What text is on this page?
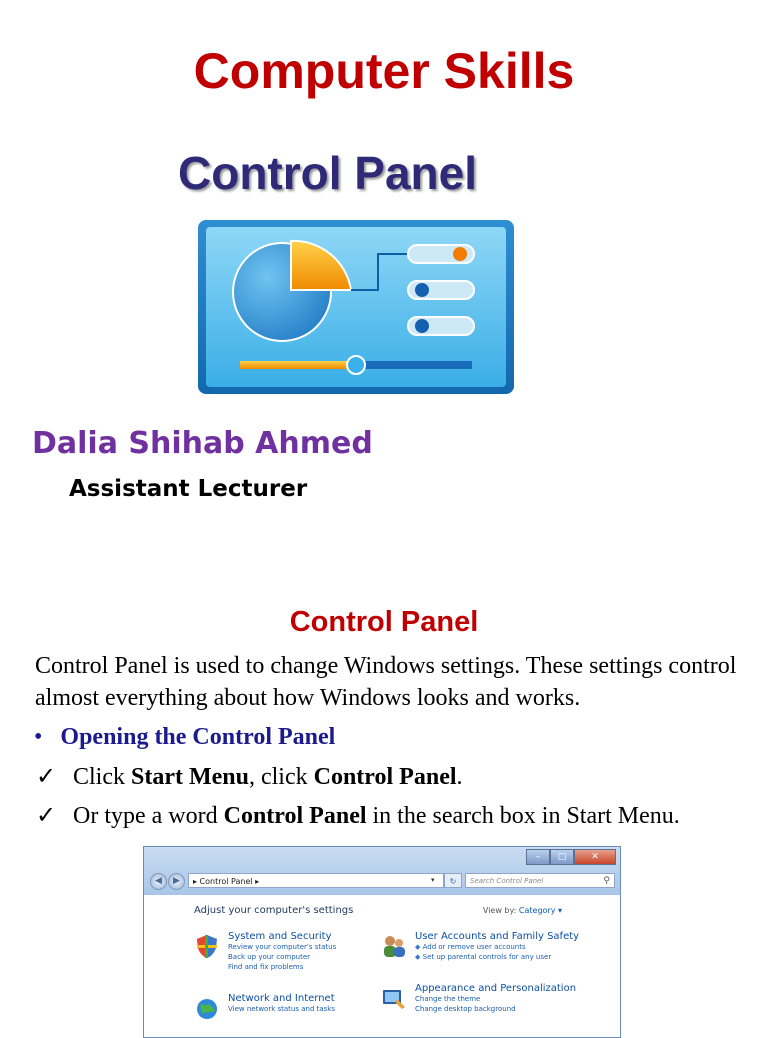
Computer Skills
Control Panel
Dalia Shihab Ahmed
Assistant Lecturer
Control Panel

Control Panel is used to change Windows settings. These settings control almost everything about how Windows looks and works.

• Opening the Control Panel
✓ Click Start Menu, click Control Panel.
✓ Or type a word Control Panel in the search box in Start Menu.
–	□	✕
◀	▶	▸ Control Panel ▸	▾	↻	Search Control Panel	⚲
Adjust your computer's settings	View by: Category ▾
System and Security
Review your computer's status
Back up your computer
Find and fix problems
User Accounts and Family Safety
◆ Add or remove user accounts
◆ Set up parental controls for any user
Network and Internet
View network status and tasks
Appearance and Personalization
Change the theme
Change desktop background
